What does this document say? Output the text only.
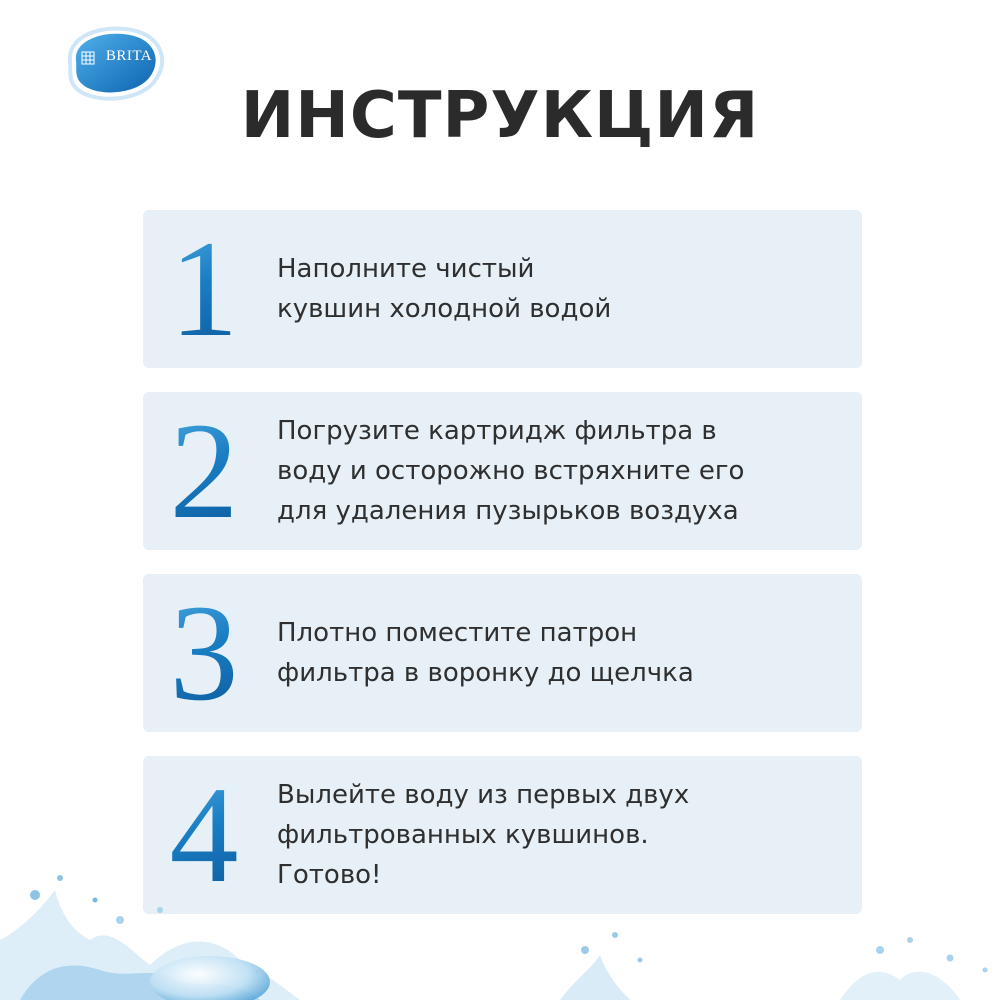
BRITA
ИНСТРУКЦИЯ
1	Наполните чистый
кувшин холодной водой
2	Погрузите картридж фильтра в
воду и осторожно встряхните его
для удаления пузырьков воздуха
3	Плотно поместите патрон
фильтра в воронку до щелчка
4	Вылейте воду из первых двух
фильтрованных кувшинов.
Готово!
